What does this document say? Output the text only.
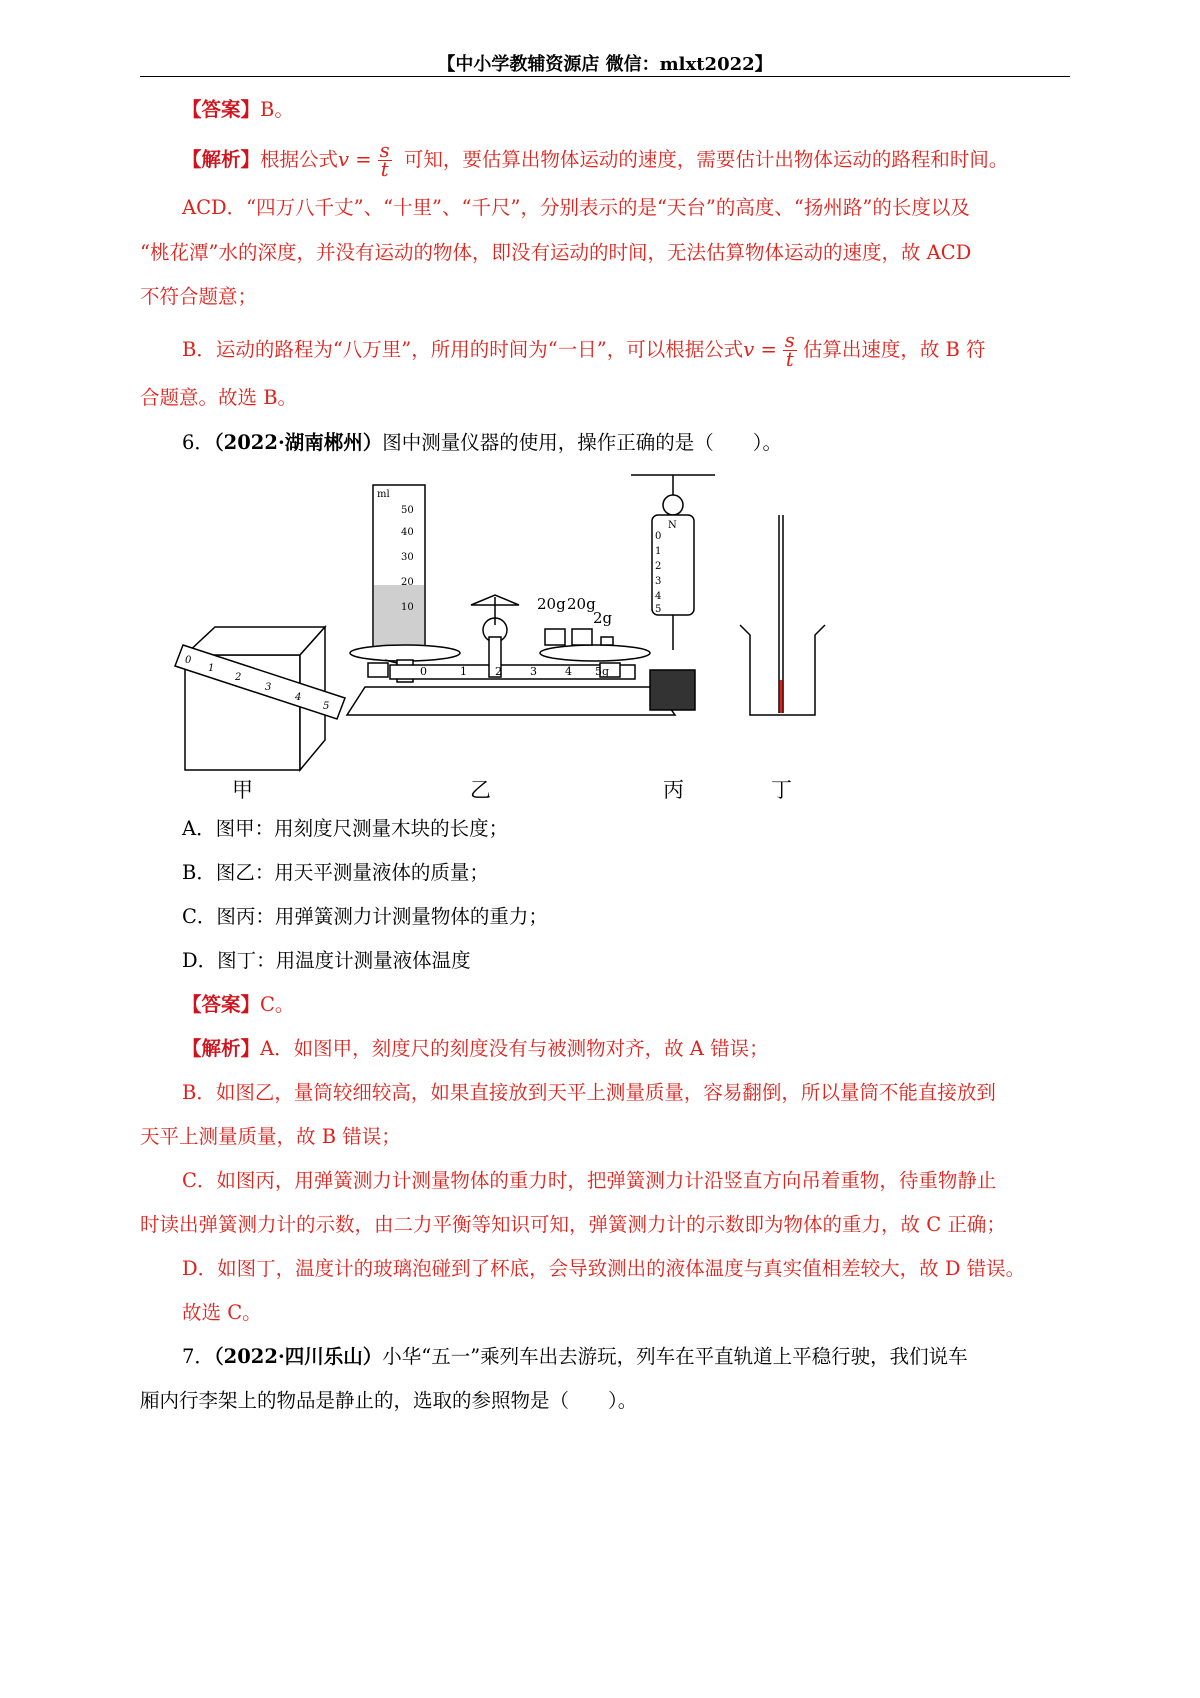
【中小学教辅资源店 微信：mlxt2022】
【答案】B。
【解析】根据公式$v = \frac{s}{t}$ 可知，要估算出物体运动的速度，需要估计出物体运动的路程和时间。
ACD．“四万八千丈”、“十里”、“千尺”，分别表示的是“天台”的高度、“扬州路”的长度以及
“桃花潭”水的深度，并没有运动的物体，即没有运动的时间，无法估算物体运动的速度，故 ACD
不符合题意；
B．运动的路程为“八万里”，所用的时间为“一日”，可以根据公式$v = \frac{s}{t}$ 估算出速度，故 B 符
合题意。故选 B。
6．（2022·湖南郴州）图中测量仪器的使用，操作正确的是（　　）。
0
1
2
3
4
5
ml
50
40
30
20
10
0	1	2	3	4 5g
20g 20g
2g
N
0
1
2
3
4
5
甲	乙	丙	丁
A．图甲：用刻度尺测量木块的长度；
B．图乙：用天平测量液体的质量；
C．图丙：用弹簧测力计测量物体的重力；
D．图丁：用温度计测量液体温度
【答案】C。
【解析】A．如图甲，刻度尺的刻度没有与被测物对齐，故 A 错误；
B．如图乙，量筒较细较高，如果直接放到天平上测量质量，容易翻倒，所以量筒不能直接放到
天平上测量质量，故 B 错误；
C．如图丙，用弹簧测力计测量物体的重力时，把弹簧测力计沿竖直方向吊着重物，待重物静止
时读出弹簧测力计的示数，由二力平衡等知识可知，弹簧测力计的示数即为物体的重力，故 C 正确；
D．如图丁，温度计的玻璃泡碰到了杯底，会导致测出的液体温度与真实值相差较大，故 D 错误。
故选 C。
7．（2022·四川乐山）小华“五一”乘列车出去游玩，列车在平直轨道上平稳行驶，我们说车
厢内行李架上的物品是静止的，选取的参照物是（　　）。
